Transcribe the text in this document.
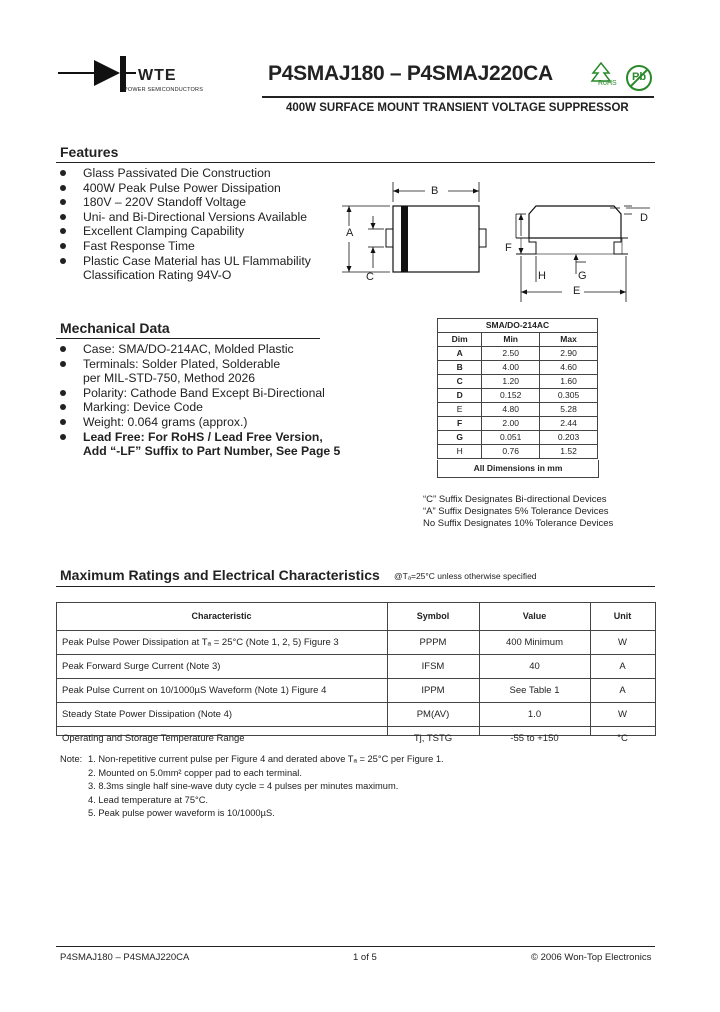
WTE
POWER SEMICONDUCTORS
P4SMAJ180 – P4SMAJ220CA	RoHS
Pb
400W SURFACE MOUNT TRANSIENT VOLTAGE SUPPRESSOR
Features
Glass Passivated Die Construction
400W Peak Pulse Power Dissipation
180V – 220V Standoff Voltage
Uni- and Bi-Directional Versions Available
Excellent Clamping Capability
Fast Response Time
Plastic Case Material has UL Flammability
Classification Rating 94V-O
A
B
C
D
E
F
G
H
Mechanical Data
Case: SMA/DO-214AC, Molded Plastic
Terminals: Solder Plated, Solderable
per MIL-STD-750, Method 2026
Polarity: Cathode Band Except Bi-Directional
Marking: Device Code
Weight: 0.064 grams (approx.)
Lead Free: For RoHS / Lead Free Version,
Add “-LF” Suffix to Part Number, See Page 5
SMA/DO-214AC		
Dim	Min	Max
A	2.50	2.90
B	4.00	4.60
C	1.20	1.60
D	0.152	0.305
E	4.80	5.28
F	2.00	2.44
G	0.051	0.203
H	0.76	1.52
All Dimensions in mm
“C” Suffix Designates Bi-directional Devices
“A” Suffix Designates 5% Tolerance Devices
No Suffix Designates 10% Tolerance Devices
Maximum Ratings and Electrical Characteristics @Tₐ=25°C unless otherwise specified
Characteristic	Symbol	Value	Unit
Peak Pulse Power Dissipation at Tₐ = 25°C (Note 1, 2, 5) Figure 3	PPPM	400 Minimum	W
Peak Forward Surge Current (Note 3)	IFSM	40	A
Peak Pulse Current on 10/1000µS Waveform (Note 1) Figure 4	IPPM	See Table 1	A
Steady State Power Dissipation (Note 4)	PM(AV)	1.0	W
Operating and Storage Temperature Range	Tj, TSTG	-55 to +150	°C
Note: 1. Non-repetitive current pulse per Figure 4 and derated above Tₐ = 25°C per Figure 1.
2. Mounted on 5.0mm² copper pad to each terminal.
3. 8.3ms single half sine-wave duty cycle = 4 pulses per minutes maximum.
4. Lead temperature at 75°C.
5. Peak pulse power waveform is 10/1000µS.
P4SMAJ180 – P4SMAJ220CA	1 of 5	© 2006 Won-Top Electronics
